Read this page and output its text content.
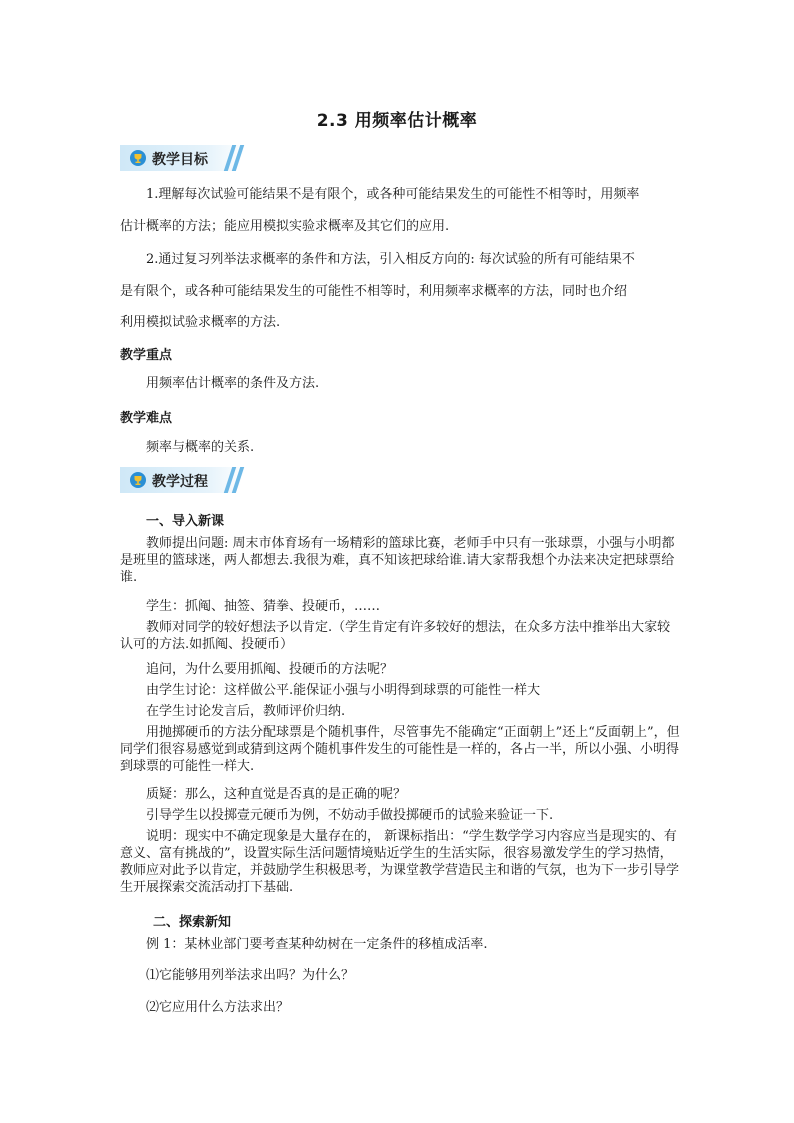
2.3 用频率估计概率
教学目标
1.理解每次试验可能结果不是有限个，或各种可能结果发生的可能性不相等时，用频率
估计概率的方法；能应用模拟实验求概率及其它们的应用.
2.通过复习列举法求概率的条件和方法，引入相反方向的: 每次试验的所有可能结果不
是有限个，或各种可能结果发生的可能性不相等时，利用频率求概率的方法，同时也介绍
利用模拟试验求概率的方法.
教学重点
用频率估计概率的条件及方法.
教学难点
频率与概率的关系.
教学过程
一、导入新课
教师提出问题: 周末市体育场有一场精彩的篮球比赛，老师手中只有一张球票，小强与小明都是班里的篮球迷，两人都想去.我很为难，真不知该把球给谁.请大家帮我想个办法来决定把球票给谁.
学生：抓阄、抽签、猜拳、投硬币，……
教师对同学的较好想法予以肯定.（学生肯定有许多较好的想法，在众多方法中推举出大家较认可的方法.如抓阄、投硬币）
追问，为什么要用抓阄、投硬币的方法呢？
由学生讨论：这样做公平.能保证小强与小明得到球票的可能性一样大
在学生讨论发言后，教师评价归纳.
用抛掷硬币的方法分配球票是个随机事件，尽管事先不能确定“正面朝上”还上“反面朝上”，但同学们很容易感觉到或猜到这两个随机事件发生的可能性是一样的，各占一半，所以小强、小明得到球票的可能性一样大.
质疑：那么，这种直觉是否真的是正确的呢？
引导学生以投掷壹元硬币为例，不妨动手做投掷硬币的试验来验证一下.
说明：现实中不确定现象是大量存在的， 新课标指出：“学生数学学习内容应当是现实的、有意义、富有挑战的”，设置实际生活问题情境贴近学生的生活实际，很容易激发学生的学习热情，教师应对此予以肯定，并鼓励学生积极思考，为课堂教学营造民主和谐的气氛，也为下一步引导学生开展探索交流活动打下基础.
二、探索新知
例 1：某林业部门要考查某种幼树在一定条件的移植成活率.
⑴它能够用列举法求出吗？为什么？
⑵它应用什么方法求出？
